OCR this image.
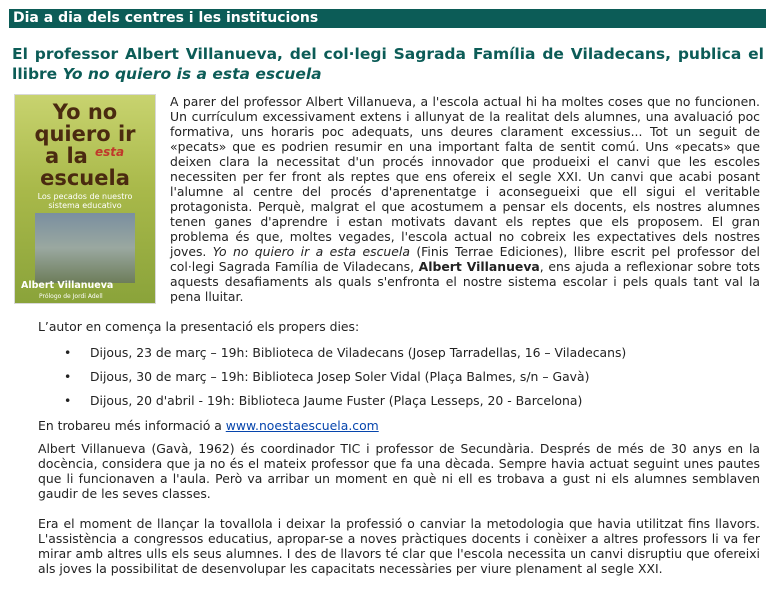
Dia a dia dels centres i les institucions
El professor Albert Villanueva, del col·legi Sagrada Família de Viladecans, publica el llibre Yo no quiero is a esta escuela
Yo no
quiero ir
a la esta
escuela
Los pecados de nuestro sistema educativo
Albert Villanueva
Prólogo de Jordi Adell

A parer del professor Albert Villanueva, a l'escola actual hi ha moltes coses que no funcionen. Un currículum excessivament extens i allunyat de la realitat dels alumnes, una avaluació poc formativa, uns horaris poc adequats, uns deures clarament excessius... Tot un seguit de «pecats» que es podrien resumir en una important falta de sentit comú. Uns «pecats» que deixen clara la necessitat d'un procés innovador que produeixi el canvi que les escoles necessiten per fer front als reptes que ens ofereix el segle XXI. Un canvi que acabi posant l'alumne al centre del procés d'aprenentatge i aconsegueixi que ell sigui el veritable protagonista. Perquè, malgrat el que acostumem a pensar els docents, els nostres alumnes tenen ganes d'aprendre i estan motivats davant els reptes que els proposem. El gran problema és que, moltes vegades, l'escola actual no cobreix les expectatives dels nostres joves. Yo no quiero ir a esta escuela (Finis Terrae Ediciones), llibre escrit pel professor del col·legi Sagrada Família de Viladecans, Albert Villanueva, ens ajuda a reflexionar sobre tots aquests desafiaments als quals s'enfronta el nostre sistema escolar i pels quals tant val la pena lluitar.

L’autor en comença la presentació els propers dies:

• Dijous, 23 de març – 19h: Biblioteca de Viladecans (Josep Tarradellas, 16 – Viladecans)
• Dijous, 30 de març – 19h: Biblioteca Josep Soler Vidal (Plaça Balmes, s/n – Gavà)
• Dijous, 20 d'abril - 19h: Biblioteca Jaume Fuster (Plaça Lesseps, 20 - Barcelona)

En trobareu més informació a www.noestaescuela.com

Albert Villanueva (Gavà, 1962) és coordinador TIC i professor de Secundària. Després de més de 30 anys en la docència, considera que ja no és el mateix professor que fa una dècada. Sempre havia actuat seguint unes pautes que li funcionaven a l'aula. Però va arribar un moment en què ni ell es trobava a gust ni els alumnes semblaven gaudir de les seves classes.

Era el moment de llançar la tovallola i deixar la professió o canviar la metodologia que havia utilitzat fins llavors. L'assistència a congressos educatius, apropar-se a noves pràctiques docents i conèixer a altres professors li va fer mirar amb altres ulls els seus alumnes. I des de llavors té clar que l'escola necessita un canvi disruptiu que ofereixi als joves la possibilitat de desenvolupar les capacitats necessàries per viure plenament al segle XXI.
